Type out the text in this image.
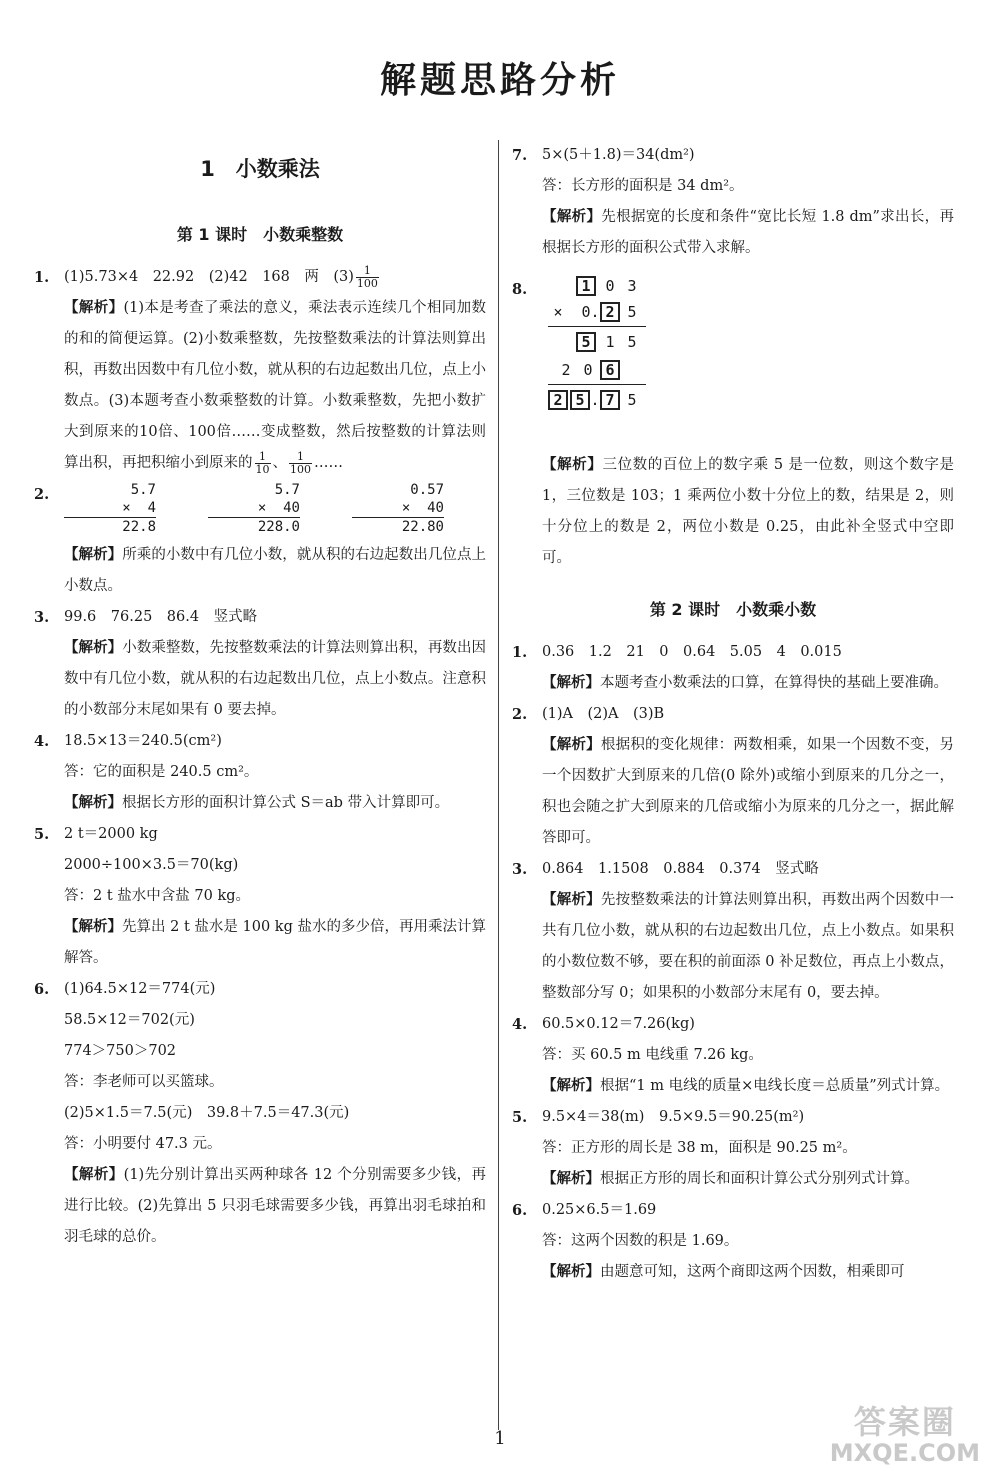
解题思路分析
1　小数乘法
第 1 课时　小数乘整数
1. (1)5.73×4　22.92　(2)42　168　两　$(3) \frac{1}{100}$
【解析】(1)本是考查了乘法的意义，乘法表示连续几个相同加数的和的简便运算。(2)小数乘整数，先按整数乘法的计算法则算出积，再数出因数中有几位小数，就从积的右边起数出几位，点上小数点。(3)本题考查小数乘整数的计算。小数乘整数，先把小数扩大到原来的10倍、100倍……变成整数，然后按整数的计算法则算出积，再把积缩小到原来的 $\frac{1}{10}$ 、 $\frac{1}{100}$ ……
2.	5.7
×  4
22.8
5.7
×  40
228.0
0.57
×  40
22.80
【解析】所乘的小数中有几位小数，就从积的右边起数出几位点上小数点。
3. 99.6　76.25　86.4　竖式略
【解析】小数乘整数，先按整数乘法的计算法则算出积，再数出因数中有几位小数，就从积的右边起数出几位，点上小数点。注意积的小数部分末尾如果有 0 要去掉。
4. 18.5×13＝240.5(cm²)
答：它的面积是 240.5 cm²。
【解析】根据长方形的面积计算公式 S＝ab 带入计算即可。
5. 2 t＝2000 kg
2000÷100×3.5＝70(kg)
答：2 t 盐水中含盐 70 kg。
【解析】先算出 2 t 盐水是 100 kg 盐水的多少倍，再用乘法计算解答。
6. (1)64.5×12＝774(元)
58.5×12＝702(元)
774＞750＞702
答：李老师可以买篮球。
(2)5×1.5＝7.5(元)　39.8＋7.5＝47.3(元)
答：小明要付 47.3 元。
【解析】(1)先分别计算出买两种球各 12 个分别需要多少钱，再进行比较。(2)先算出 5 只羽毛球需要多少钱，再算出羽毛球拍和羽毛球的总价。
7. 5×(5＋1.8)＝34(dm²)
答：长方形的面积是 34 dm²。
【解析】先根据宽的长度和条件“宽比长短 1.8 dm”求出长，再根据长方形的面积公式带入求解。
8.	1 0 3
×	0 . 2 5
5 1 5
2 0 6
2 5 . 7 5
【解析】三位数的百位上的数字乘 5 是一位数，则这个数字是 1，三位数是 103；1 乘两位小数十分位上的数，结果是 2，则十分位上的数是 2，两位小数是 0.25，由此补全竖式中空即可。
第 2 课时　小数乘小数
1. 0.36　1.2　21　0　0.64　5.05　4　0.015
【解析】本题考查小数乘法的口算，在算得快的基础上要准确。
2. (1)A　(2)A　(3)B
【解析】根据积的变化规律：两数相乘，如果一个因数不变，另一个因数扩大到原来的几倍(0 除外)或缩小到原来的几分之一，积也会随之扩大到原来的几倍或缩小为原来的几分之一，据此解答即可。
3. 0.864　1.1508　0.884　0.374　竖式略
【解析】先按整数乘法的计算法则算出积，再数出两个因数中一共有几位小数，就从积的右边起数出几位，点上小数点。如果积的小数位数不够，要在积的前面添 0 补足数位，再点上小数点，整数部分写 0；如果积的小数部分末尾有 0，要去掉。
4. 60.5×0.12＝7.26(kg)
答：买 60.5 m 电线重 7.26 kg。
【解析】根据“1 m 电线的质量×电线长度＝总质量”列式计算。
5. 9.5×4＝38(m)　9.5×9.5＝90.25(m²)
答：正方形的周长是 38 m，面积是 90.25 m²。
【解析】根据正方形的周长和面积计算公式分别列式计算。
6. 0.25×6.5＝1.69
答：这两个因数的积是 1.69。
【解析】由题意可知，这两个商即这两个因数，相乘即可
1	答案圈
MXQE.COM
